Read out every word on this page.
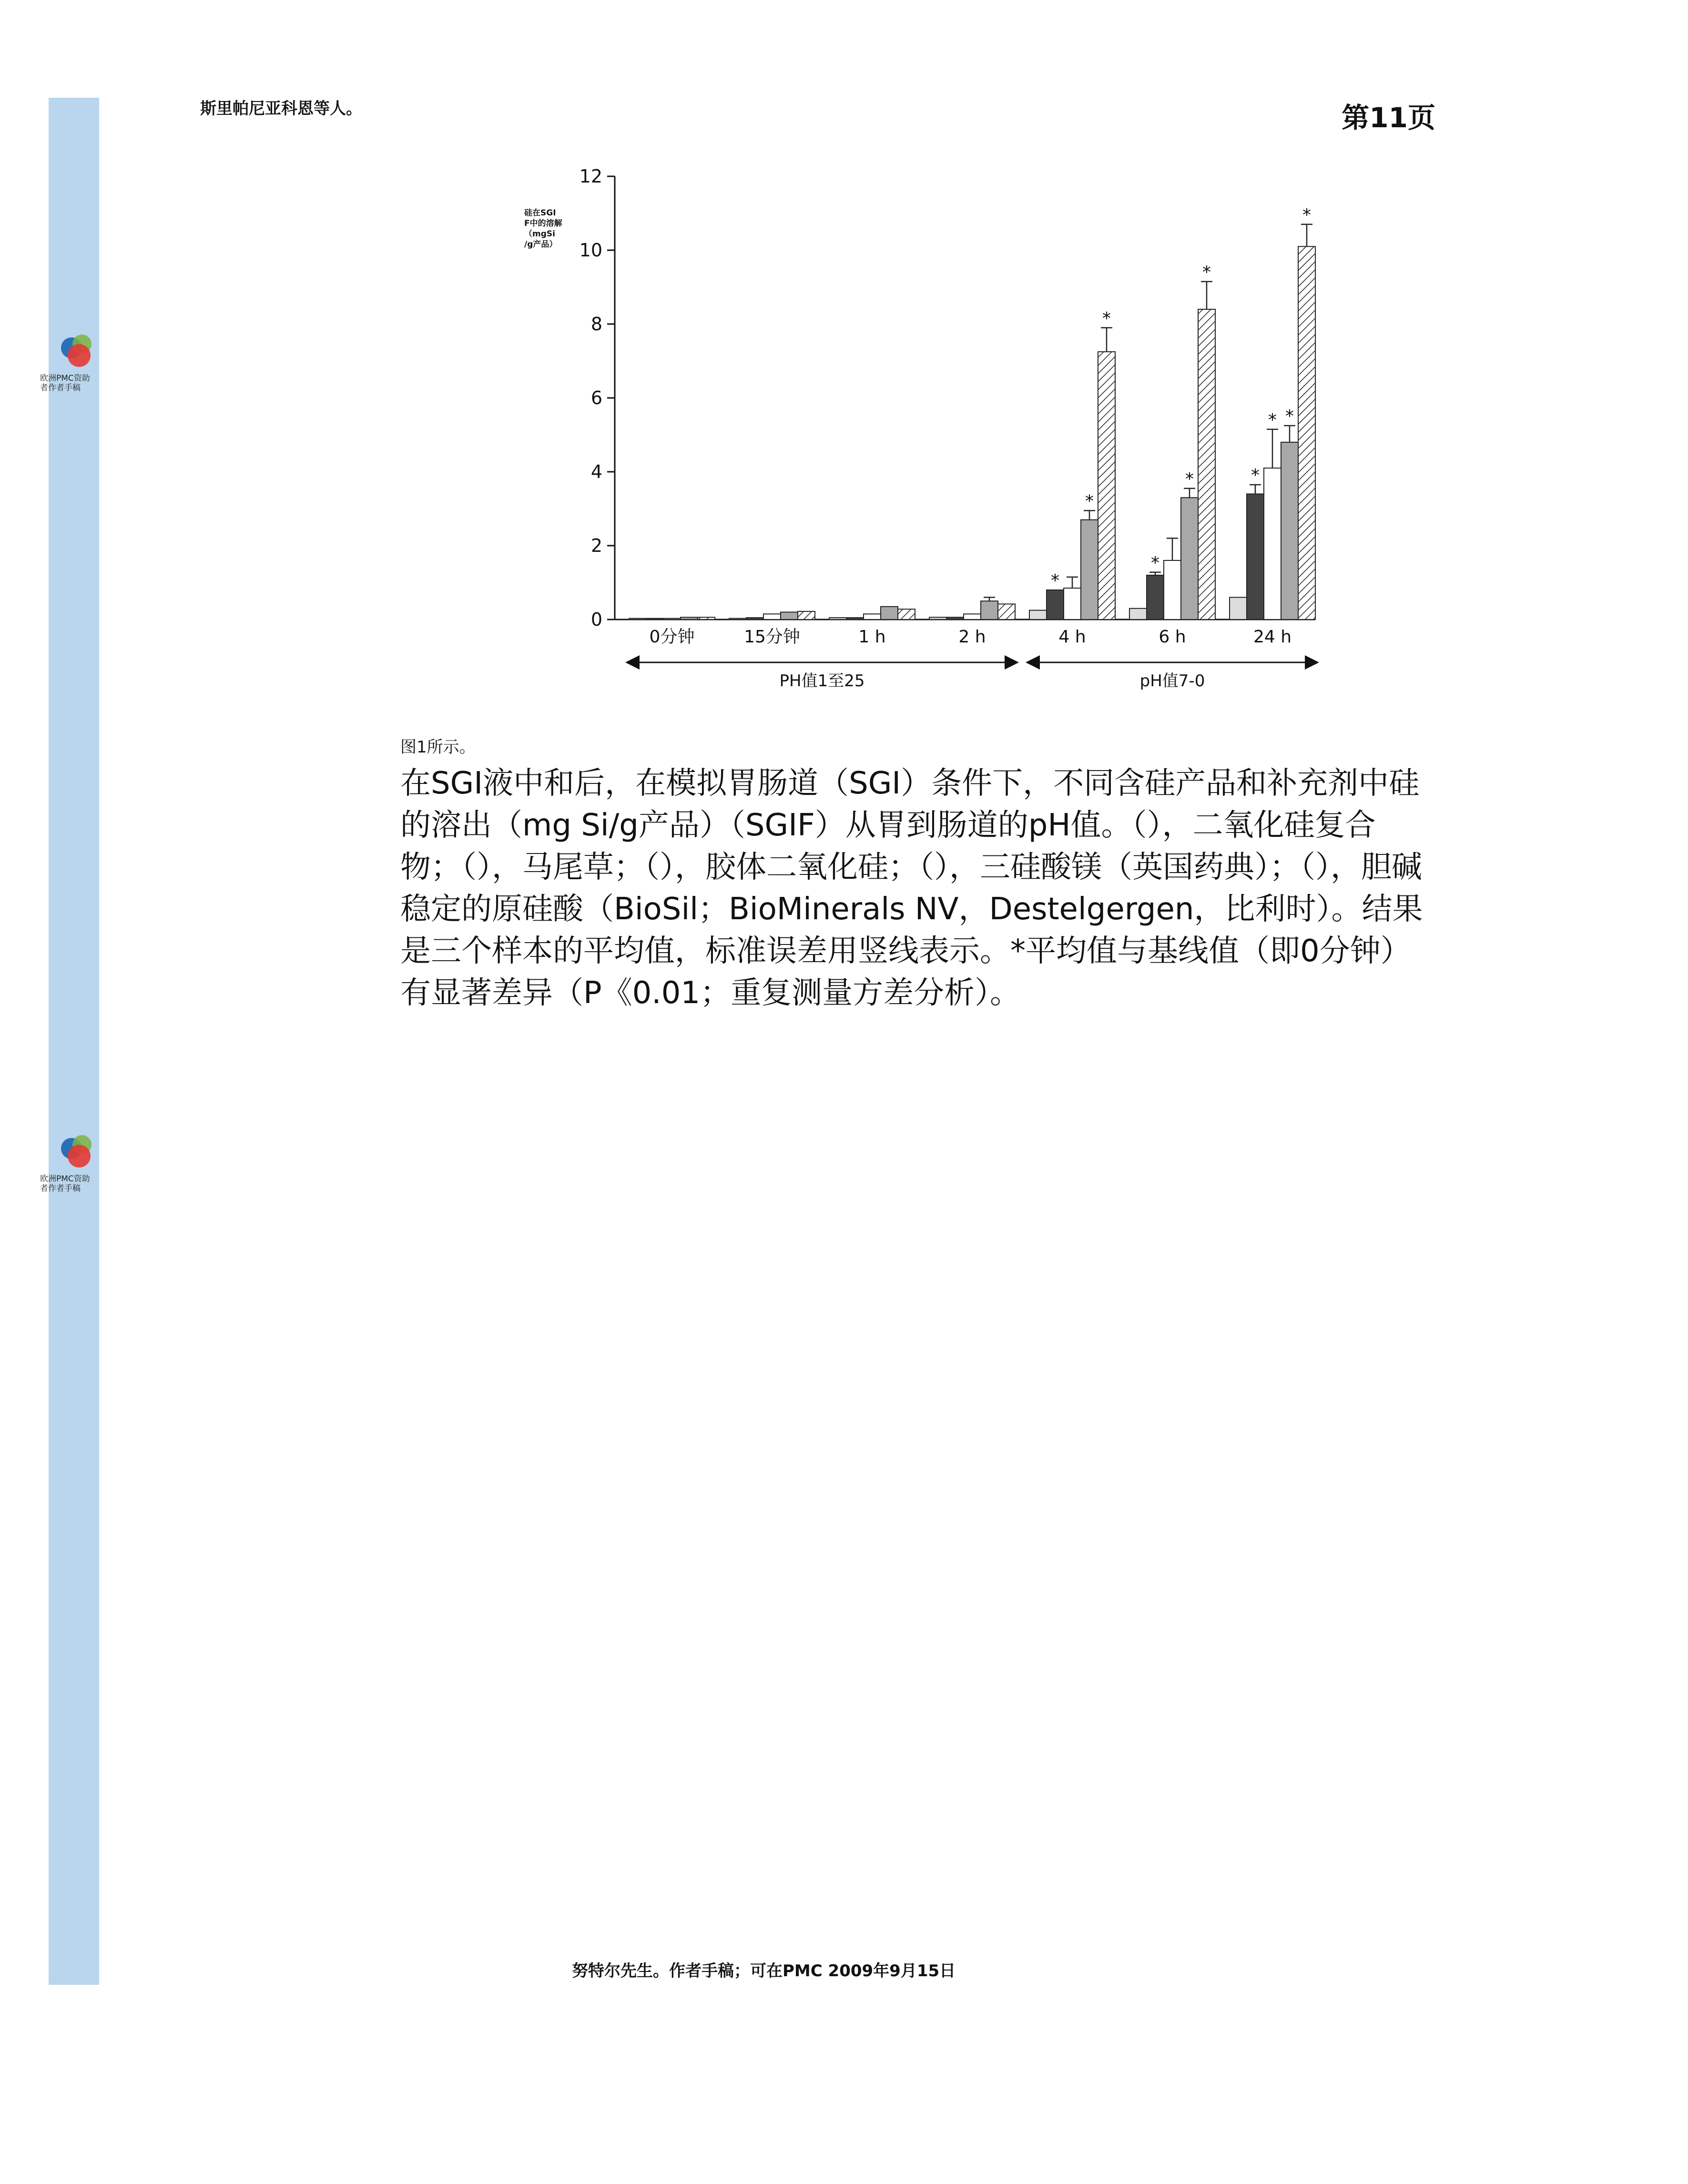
欧洲PMC资助者作者手稿
欧洲PMC资助者作者手稿
斯里帕尼亚科恩等人。	第11页
硅在SGI F中的溶解（mgSi /g产品）
0
2
4
6
8
10
12
0分钟	15分钟	1 h	2 h
*
*
*
4 h
*
*
*
6 h
*
* *
*
24 h
PH值1至25	pH值7-0
图1所示。
在SGI液中和后，在模拟胃肠道（SGI）条件下，不同含硅产品和补充剂中硅的溶出（mg Si/g产品）（SGIF）从胃到肠道的pH值。（），二氧化硅复合物；（），马尾草；（），胶体二氧化硅；（），三硅酸镁（英国药典）；（），胆碱稳定的原硅酸（BioSil；BioMinerals NV，Destelgergen，比利时）。结果是三个样本的平均值，标准误差用竖线表示。*平均值与基线值（即0分钟）有显著差异（P《0.01；重复测量方差分析）。
努特尔先生。作者手稿；可在PMC 2009年9月15日
